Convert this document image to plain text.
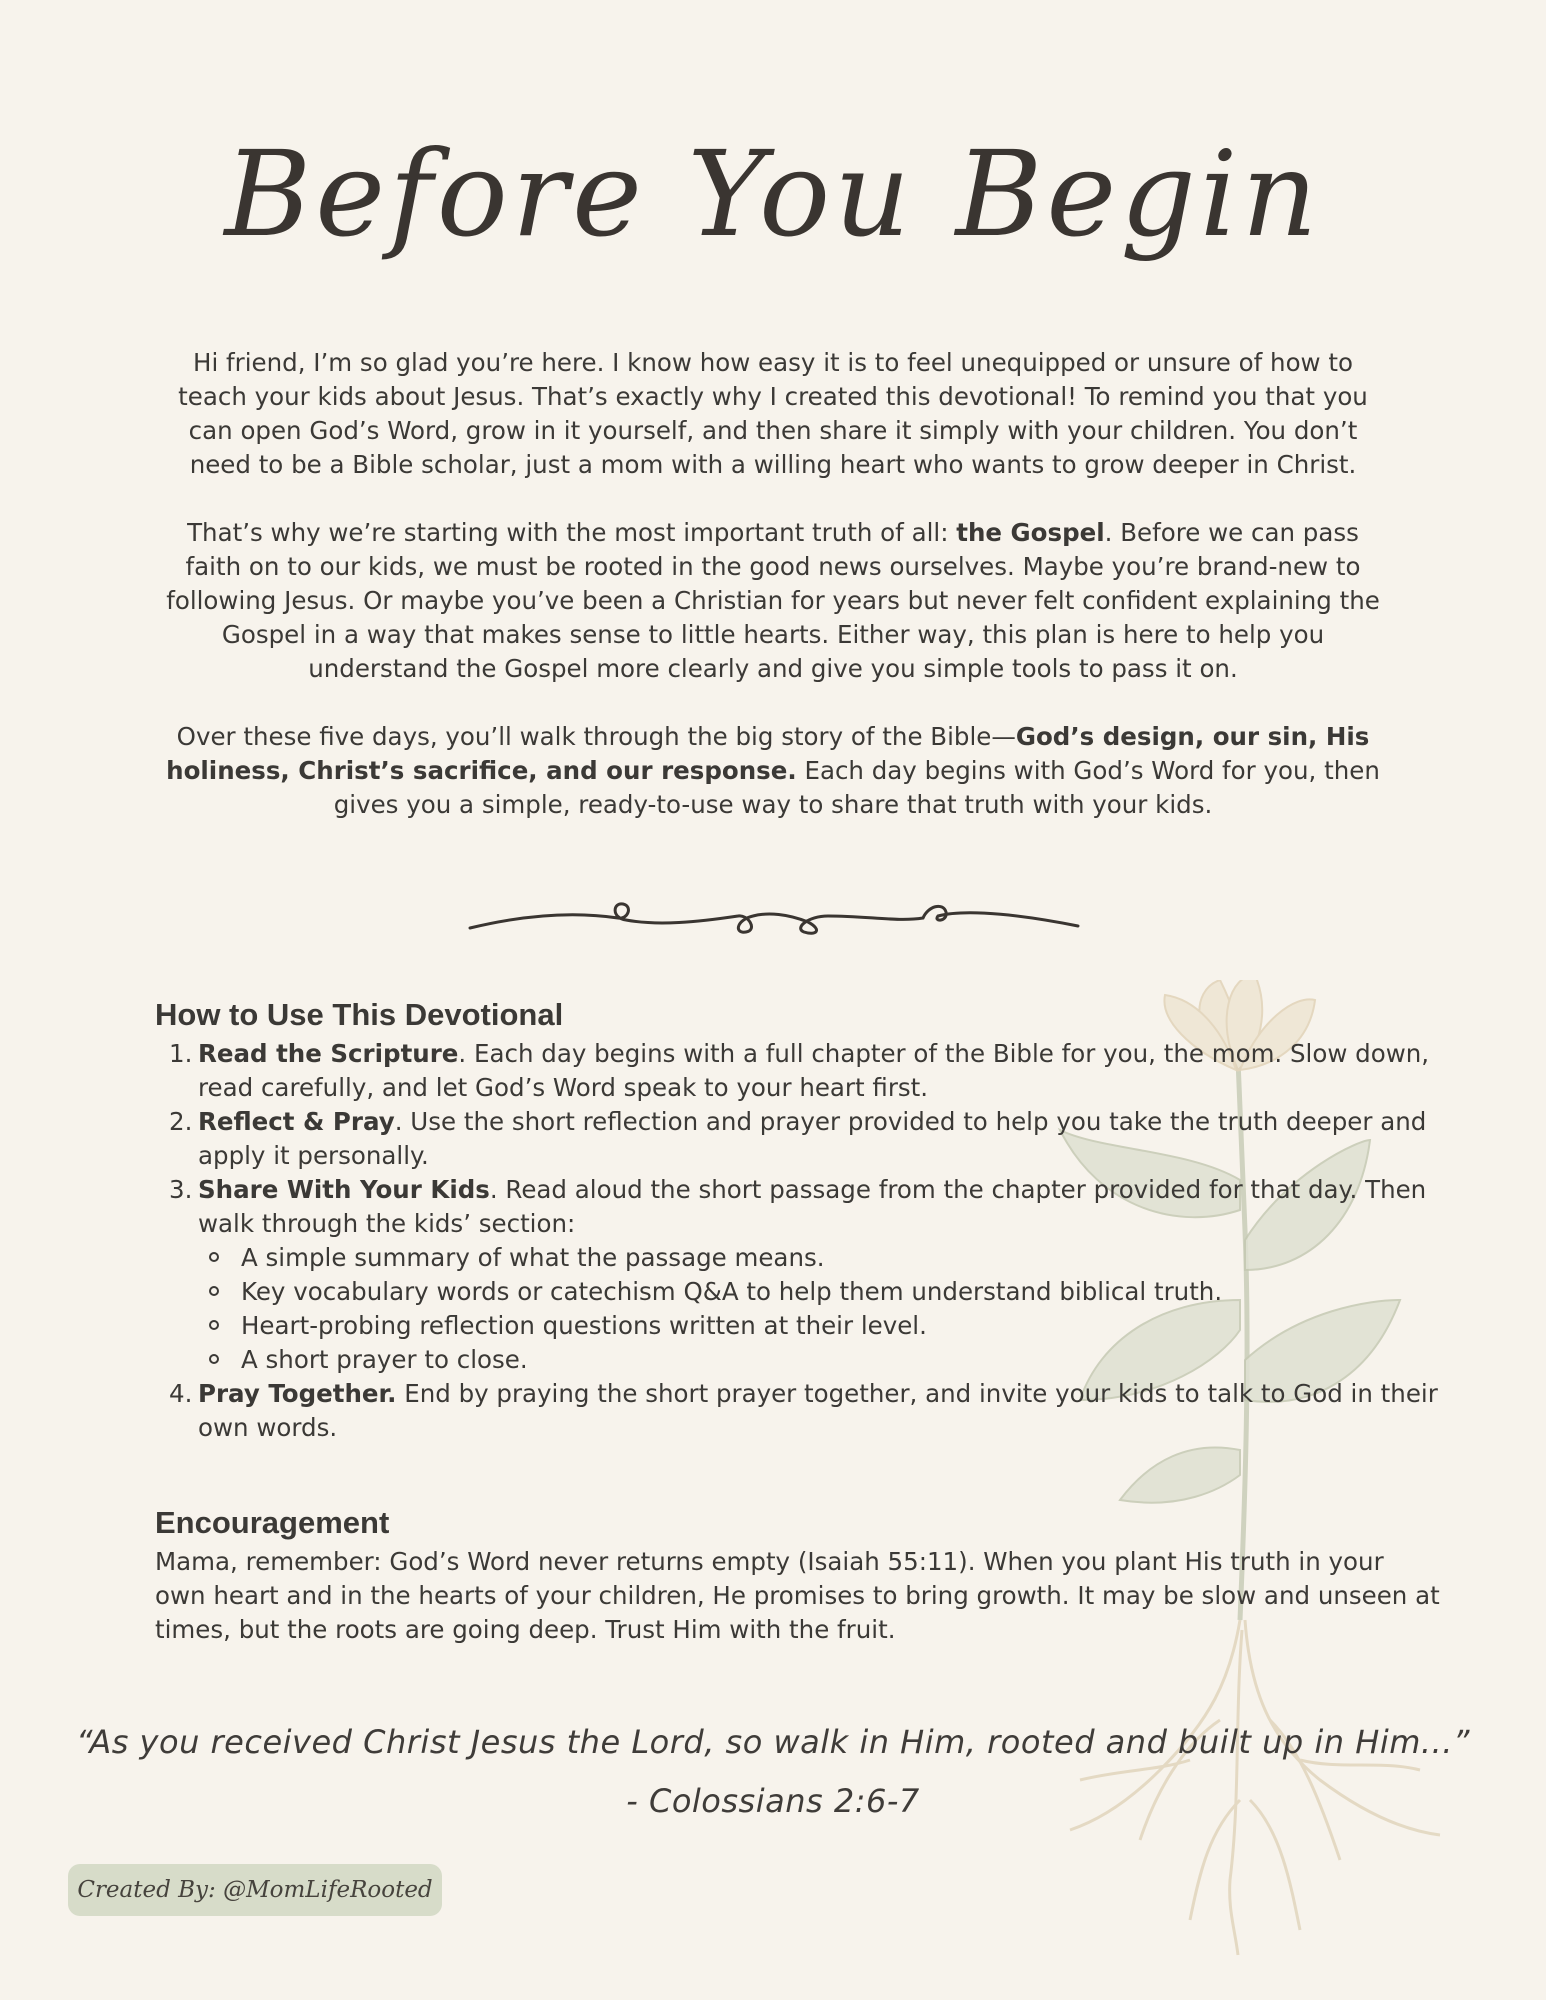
Before You Begin

Hi friend, I’m so glad you’re here. I know how easy it is to feel unequipped or unsure of how to teach your kids about Jesus. That’s exactly why I created this devotional! To remind you that you can open God’s Word, grow in it yourself, and then share it simply with your children. You don’t need to be a Bible scholar, just a mom with a willing heart who wants to grow deeper in Christ.

That’s why we’re starting with the most important truth of all: the Gospel. Before we can pass faith on to our kids, we must be rooted in the good news ourselves. Maybe you’re brand-new to following Jesus. Or maybe you’ve been a Christian for years but never felt confident explaining the Gospel in a way that makes sense to little hearts. Either way, this plan is here to help you understand the Gospel more clearly and give you simple tools to pass it on.

Over these five days, you’ll walk through the big story of the Bible—God’s design, our sin, His holiness, Christ’s sacrifice, and our response. Each day begins with God’s Word for you, then gives you a simple, ready-to-use way to share that truth with your kids.

How to Use This Devotional
1. Read the Scripture. Each day begins with a full chapter of the Bible for you, the mom. Slow down, read carefully, and let God’s Word speak to your heart first.
2. Reflect & Pray. Use the short reflection and prayer provided to help you take the truth deeper and apply it personally.
3. Share With Your Kids. Read aloud the short passage from the chapter provided for that day. Then walk through the kids’ section:
A simple summary of what the passage means.
Key vocabulary words or catechism Q&A to help them understand biblical truth.
Heart-probing reflection questions written at their level.
A short prayer to close.
4. Pray Together. End by praying the short prayer together, and invite your kids to talk to God in their own words.
Encouragement

Mama, remember: God’s Word never returns empty (Isaiah 55:11). When you plant His truth in your own heart and in the hearts of your children, He promises to bring growth. It may be slow and unseen at times, but the roots are going deep. Trust Him with the fruit.

“As you received Christ Jesus the Lord, so walk in Him, rooted and built up in Him...”
- Colossians 2:6-7
Created By: @MomLifeRooted
